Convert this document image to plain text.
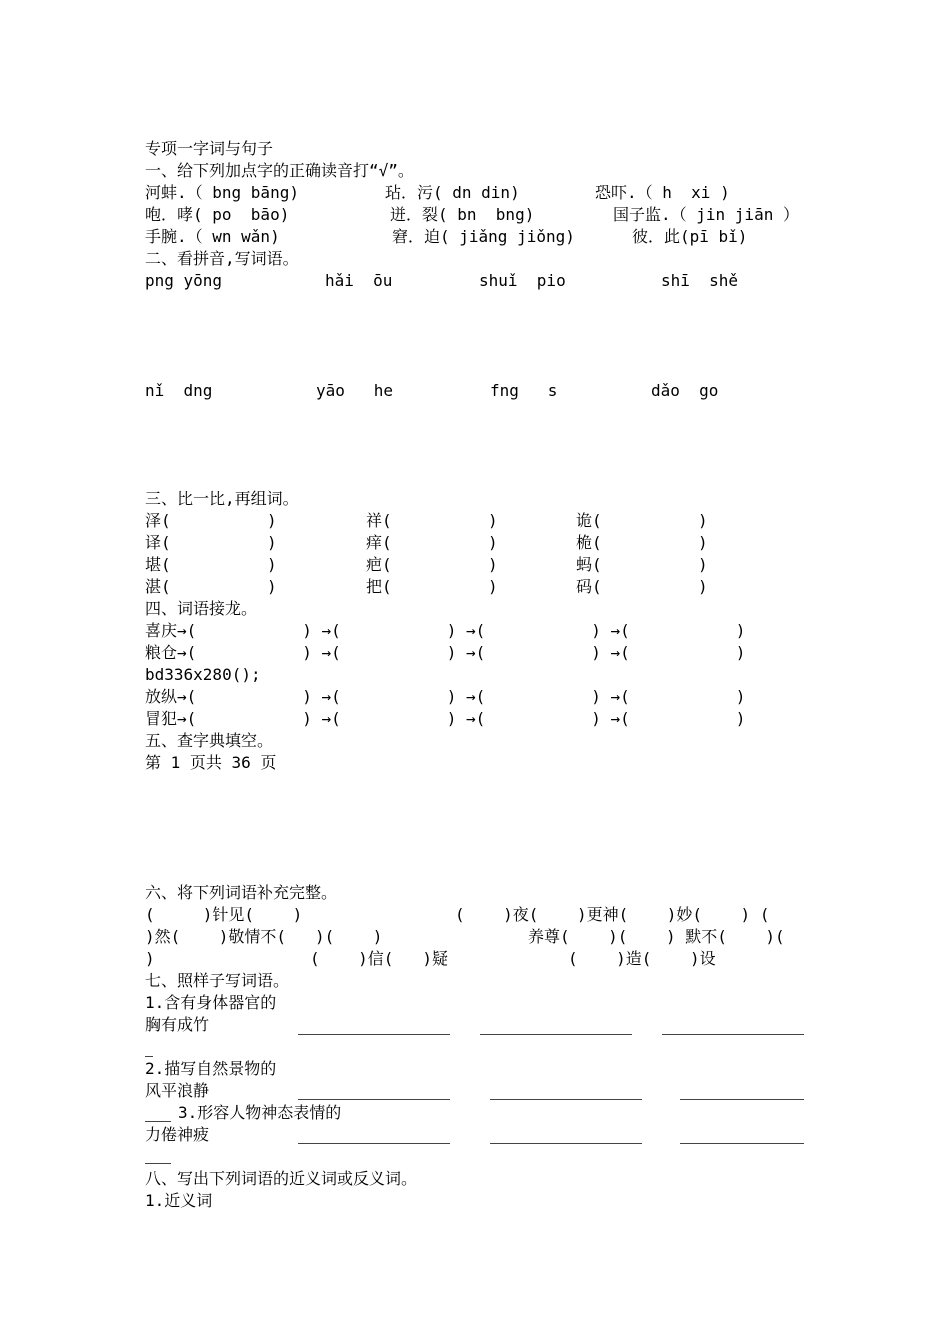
专项一字词与句子
一、给下列加点字的正确读音打“√”。
河蚌.（ bng bāng)	玷．污( dn din)	恐吓.（ h  xi )
咆．哮( po  bāo)	迸．裂( bn  bng)	国子监.（ jin jiān ）
手腕.（ wn wǎn)	窘．迫( jiǎng jiǒng)	彼．此(pī bǐ)
二、看拼音,写词语。
png yōng	hǎi  ōu	shuǐ  pio	shī  shě
nǐ  dng	yāo   he	fng   s	dǎo  go
三、比一比,再组词。
泽(          )	祥(          )	诡(          )
译(          )	痒(          )	桅(          )
堪(          )	疤(          )	蚂(          )
湛(          )	把(          )	码(          )
四、词语接龙。
喜庆→(           ) →(           ) →(           ) →(           )
粮仓→(           ) →(           ) →(           ) →(           )
bd336x280();
放纵→(           ) →(           ) →(           ) →(           )
冒犯→(           ) →(           ) →(           ) →(           )
五、查字典填空。
第 1 页共 36 页
六、将下列词语补充完整。
(     )针见(    )	(    )夜(    )更神(    )妙(    ) (
)然(    )敬情不(   )(    )	养尊(    )(    ) 默不(    )(
)	(    )信(   )疑	(    )造(    )设
七、照样子写词语。
1.含有身体器官的
胸有成竹
2.描写自然景物的
风平浪静
3.形容人物神态表情的
力倦神疲
八、写出下列词语的近义词或反义词。
1.近义词
